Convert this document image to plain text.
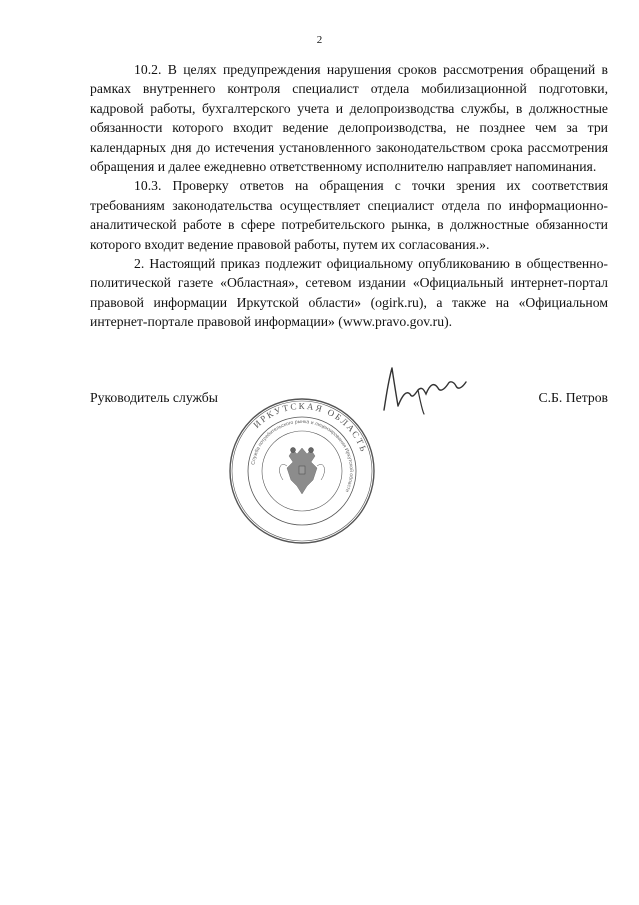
2

10.2. В целях предупреждения нарушения сроков рассмотрения обращений в рамках внутреннего контроля специалист отдела мобилизационной подготовки, кадровой работы, бухгалтерского учета и делопроизводства службы, в должностные обязанности которого входит ведение делопроизводства, не позднее чем за три календарных дня до истечения установленного законодательством срока рассмотрения обращения и далее ежедневно ответственному исполнителю направляет напоминания.

10.3. Проверку ответов на обращения с точки зрения их соответствия требованиям законодательства осуществляет специалист отдела по информационно-аналитической работе в сфере потребительского рынка, в должностные обязанности которого входит ведение правовой работы, путем их согласования.».

2. Настоящий приказ подлежит официальному опубликованию в общественно-политической газете «Областная», сетевом издании «Официальный интернет-портал правовой информации Иркутской области» (ogirk.ru), а также на «Официальном интернет-портале правовой информации» (www.pravo.gov.ru).

Руководитель службы	С.Б. Петров
ИРКУТСКАЯ ОБЛАСТЬ
Служба потребительского рынка и лицензирования Иркутской области
